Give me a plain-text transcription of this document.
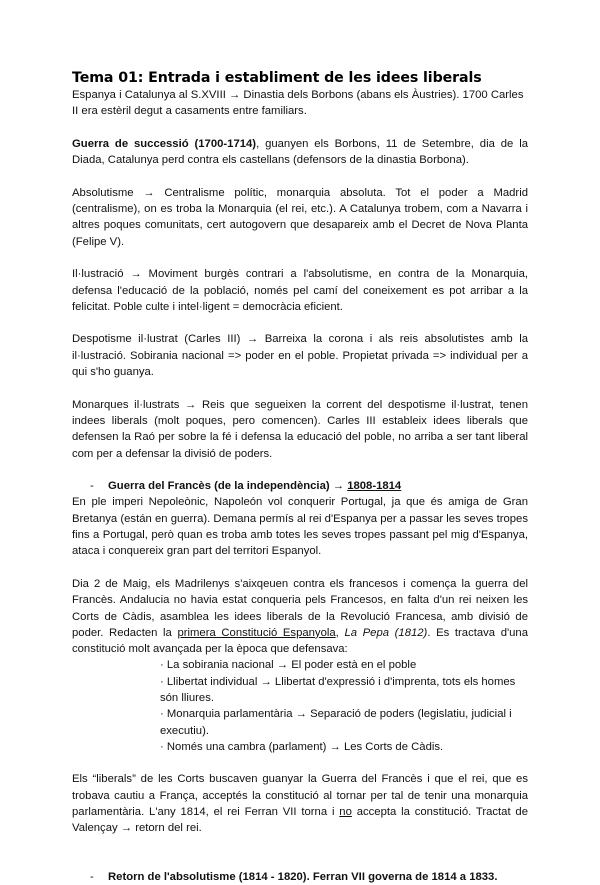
Tema 01: Entrada i establiment de les idees liberals

Espanya i Catalunya al S.XVIII → Dinastia dels Borbons (abans els Àustries). 1700 Carles II era estèril degut a casaments entre familiars.

Guerra de successió (1700-1714), guanyen els Borbons, 11 de Setembre, dia de la Diada, Catalunya perd contra els castellans (defensors de la dinastia Borbona).

Absolutisme → Centralisme polític, monarquia absoluta. Tot el poder a Madrid (centralisme), on es troba la Monarquia (el rei, etc.). A Catalunya trobem, com a Navarra i altres poques comunitats, cert autogovern que desapareix amb el Decret de Nova Planta (Felipe V).

Il·lustració → Moviment burgès contrari a l'absolutisme, en contra de la Monarquia, defensa l'educació de la població, només pel camí del coneixement es pot arribar a la felicitat. Poble culte i intel·ligent = democràcia eficient.

Despotisme il·lustrat (Carles III) → Barreixa la corona i als reis absolutistes amb la il·lustració. Sobirania nacional => poder en el poble. Propietat privada => individual per a qui s'ho guanya.

Monarques il·lustrats → Reis que segueixen la corrent del despotisme il·lustrat, tenen indees liberals (molt poques, pero comencen). Carles III estableix idees liberals que defensen la Raó per sobre la fé i defensa la educació del poble, no arriba a ser tant liberal com per a defensar la divisió de poders.

- Guerra del Francès (de la independència) → 1808-1814

En ple imperi Nepoleònic, Napoleón vol conquerir Portugal, ja que és amiga de Gran Bretanya (están en guerra). Demana permís al rei d'Espanya per a passar les seves tropes fins a Portugal, però quan es troba amb totes les seves tropes passant pel mig d'Espanya, ataca i conquereix gran part del territori Espanyol.

Dia 2 de Maig, els Madrilenys s'aixqeuen contra els francesos i comença la guerra del Francès. Andalucia no havia estat conqueria pels Francesos, en falta d'un rei neixen les Corts de Càdis, asamblea les idees liberals de la Revolució Francesa, amb divisió de poder. Redacten la primera Constitució Espanyola, La Pepa (1812). Es tractava d'una constitució molt avançada per la època que defensava:

· La sobirania nacional → El poder està en el poble

· Llibertat individual → Llibertat d'expressió i d'imprenta, tots els homes són lliures.

· Monarquia parlamentària → Separació de poders (legislatiu, judicial i executiu).

· Només una cambra (parlament) → Les Corts de Càdis.

Els “liberals” de les Corts buscaven guanyar la Guerra del Francès i que el rei, que es trobava cautiu a França, acceptés la constitució al tornar per tal de tenir una monarquia parlamentària. L'any 1814, el rei Ferran VII torna i no accepta la constitució. Tractat de Valençay → retorn del rei.

- Retorn de l'absolutisme (1814 - 1820). Ferran VII governa de 1814 a 1833.
